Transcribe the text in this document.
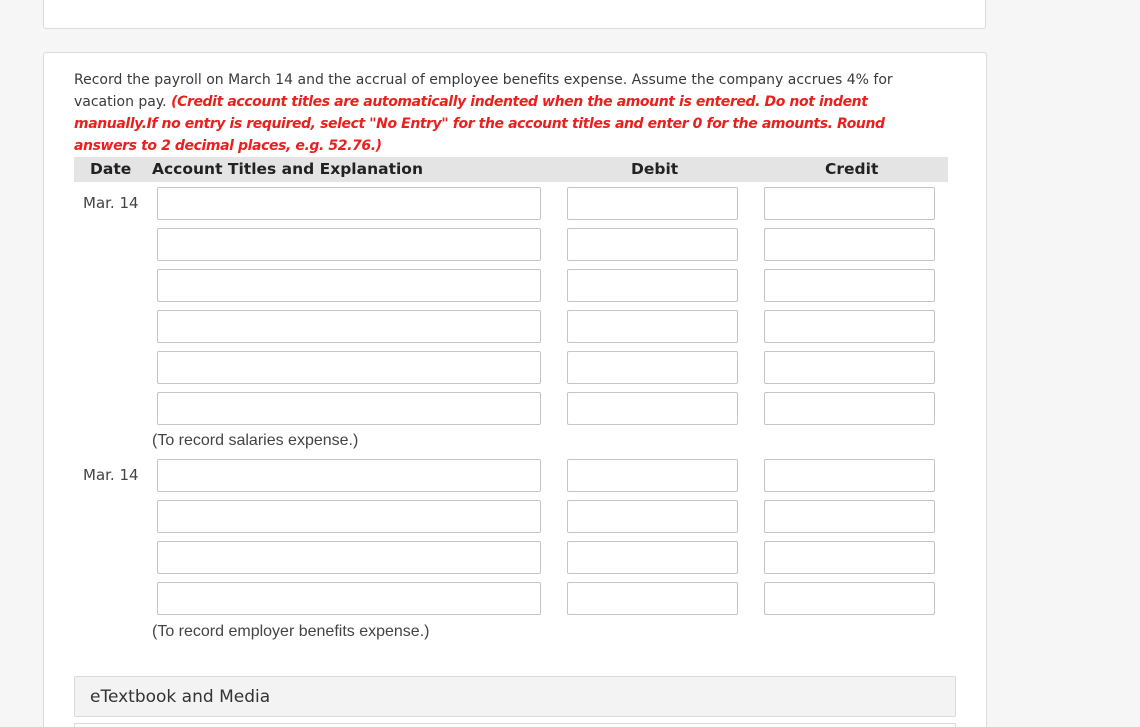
Record the payroll on March 14 and the accrual of employee benefits expense. Assume the company accrues 4% for vacation pay. (Credit account titles are automatically indented when the amount is entered. Do not indent manually.If no entry is required, select "No Entry" for the account titles and enter 0 for the amounts. Round answers to 2 decimal places, e.g. 52.76.)
Date Account Titles and Explanation	Debit	Credit
Mar. 14
(To record salaries expense.)
Mar. 14
(To record employer benefits expense.)
eTextbook and Media
